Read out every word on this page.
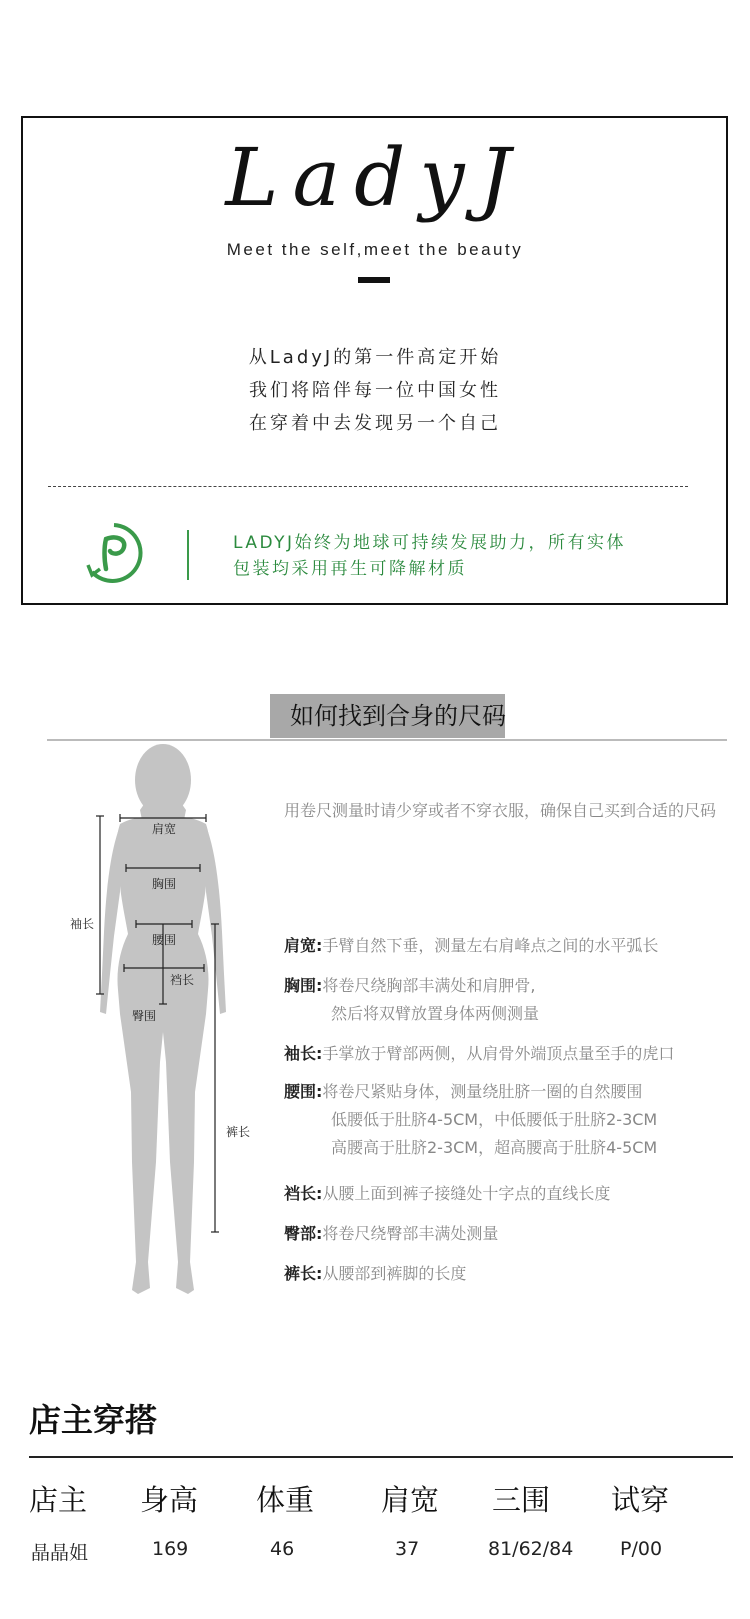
LadyJ
Meet the self,meet the beauty
从LadyJ的第一件高定开始
我们将陪伴每一位中国女性
在穿着中去发现另一个自己
LADYJ始终为地球可持续发展助力，所有实体
包装均采用再生可降解材质
如何找到合身的尺码
肩宽
胸围
腰围
裆长
臀围
袖长
裤长
用卷尺测量时请少穿或者不穿衣服，确保自己买到合适的尺码
肩宽:手臂自然下垂，测量左右肩峰点之间的水平弧长
胸围:将卷尺绕胸部丰满处和肩胛骨,
然后将双臂放置身体两侧测量
袖长:手掌放于臂部两侧，从肩骨外端顶点量至手的虎口
腰围:将卷尺紧贴身体，测量绕肚脐一圈的自然腰围
低腰低于肚脐4-5CM，中低腰低于肚脐2-3CM
高腰高于肚脐2-3CM，超高腰高于肚脐4-5CM
裆长:从腰上面到裤子接缝处十字点的直线长度
臀部:将卷尺绕臀部丰满处测量
裤长:从腰部到裤脚的长度
店主穿搭
店主 身高 体重 肩宽 三围 试穿
晶晶姐	169	46	37	81/62/84 P/00
